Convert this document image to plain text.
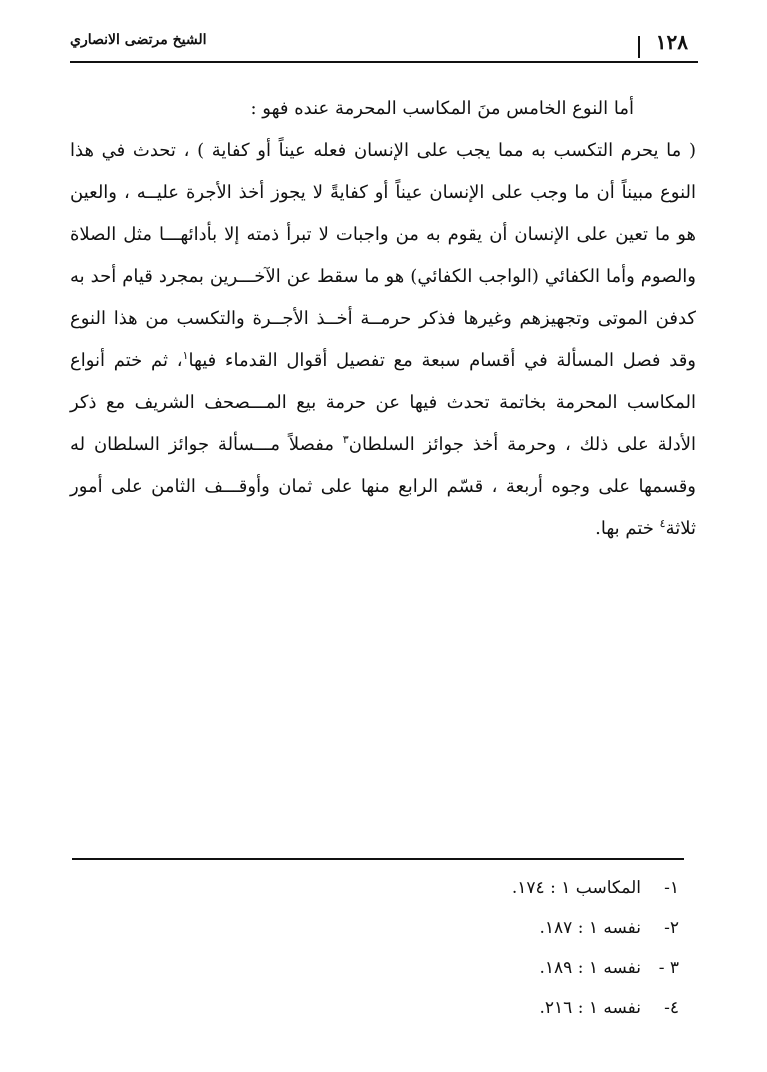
١٢٨
الشيخ مرتضى الانصاري

أما النوع الخامس منَ المكاسب المحرمة عنده فهو :

( ما يحرم التكسب به مما يجب على الإنسان فعله عيناً أو كفاية ) ، تحدث في هذا النوع مبيناً أن ما وجب على الإنسان عيناً أو كفايةً لا يجوز أخذ الأجرة عليــه ، والعين هو ما تعين على الإنسان أن يقوم به من واجبات لا تبرأ ذمته إلا بأدائهـــا مثل الصلاة والصوم وأما الكفائي (الواجب الكفائي) هو ما سقط عن الآخـــرين بمجرد قيام أحد به كدفن الموتى وتجهيزهم وغيرها فذكر حرمــة أخــذ الأجــرة والتكسب من هذا النوع وقد فصل المسألة في أقسام سبعة مع تفصيل أقوال القدماء فيها$^١$، ثم ختم أنواع المكاسب المحرمة بخاتمة تحدث فيها عن حرمة بيع المـــصحف الشريف مع ذكر الأدلة على ذلك ، وحرمة أخذ جوائز السلطان$^٣$ مفصلاً مـــسألة جوائز السلطان له وقسمها على وجوه أربعة ، قسّم الرابع منها على ثمان وأوقـــف الثامن على أمور ثلاثة$^٤$ ختم بها.

١-المكاسب ١ : ١٧٤.
٢-نفسه ١ : ١٨٧.
٣ -نفسه ١ : ١٨٩.
٤-نفسه ١ : ٢١٦.
